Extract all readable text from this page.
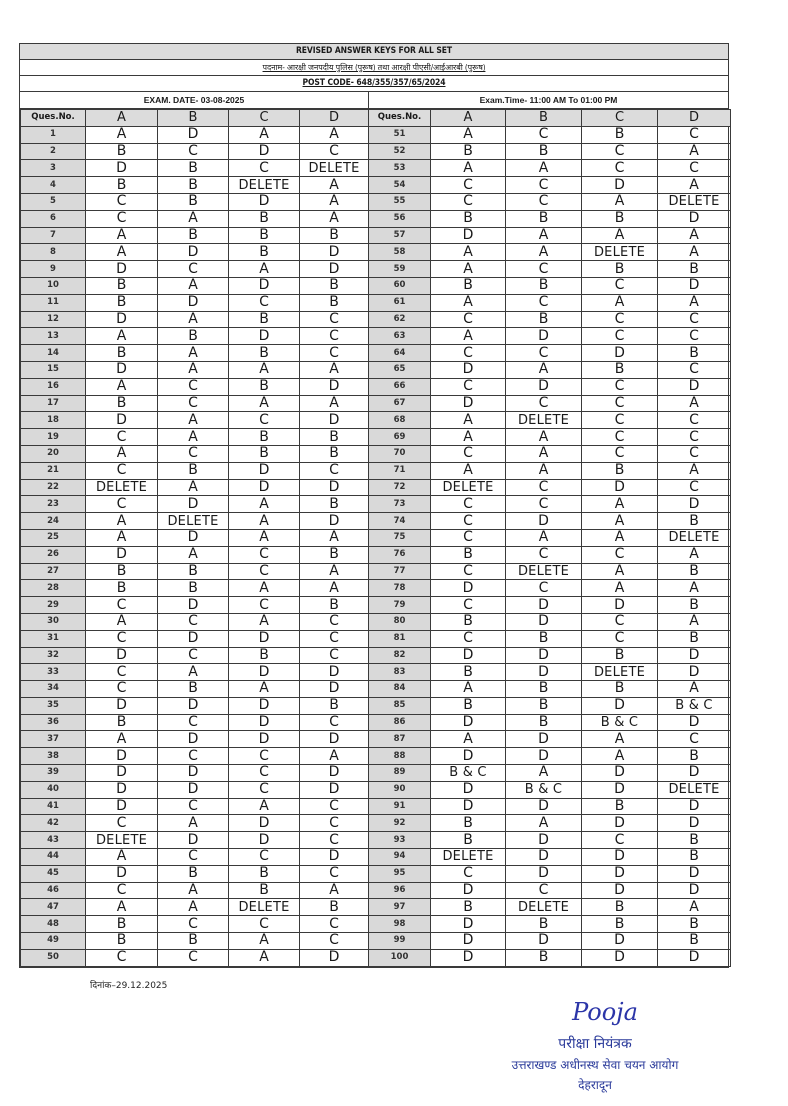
REVISED ANSWER KEYS FOR ALL SET
पदनाम- आरक्षी जनपदीय पुलिस (पुरूष) तथा आरक्षी पीएसी/आईआरबी (पुरूष)
POST CODE- 648/355/357/65/2024
EXAM. DATE- 03-08-2025	Exam.Time- 11:00 AM To 01:00 PM
Ques.No.	A	B	C	D	Ques.No.	A	B	C	D
1	A	D	A	A	51	A	C	B	C
2	B	C	D	C	52	B	B	C	A
3	D	B	C	DELETE	53	A	A	C	C
4	B	B	DELETE	A	54	C	C	D	A
5	C	B	D	A	55	C	C	A	DELETE
6	C	A	B	A	56	B	B	B	D
7	A	B	B	B	57	D	A	A	A
8	A	D	B	D	58	A	A	DELETE	A
9	D	C	A	D	59	A	C	B	B
10	B	A	D	B	60	B	B	C	D
11	B	D	C	B	61	A	C	A	A
12	D	A	B	C	62	C	B	C	C
13	A	B	D	C	63	A	D	C	C
14	B	A	B	C	64	C	C	D	B
15	D	A	A	A	65	D	A	B	C
16	A	C	B	D	66	C	D	C	D
17	B	C	A	A	67	D	C	C	A
18	D	A	C	D	68	A	DELETE	C	C
19	C	A	B	B	69	A	A	C	C
20	A	C	B	B	70	C	A	C	C
21	C	B	D	C	71	A	A	B	A
22	DELETE	A	D	D	72	DELETE	C	D	C
23	C	D	A	B	73	C	C	A	D
24	A	DELETE	A	D	74	C	D	A	B
25	A	D	A	A	75	C	A	A	DELETE
26	D	A	C	B	76	B	C	C	A
27	B	B	C	A	77	C	DELETE	A	B
28	B	B	A	A	78	D	C	A	A
29	C	D	C	B	79	C	D	D	B
30	A	C	A	C	80	B	D	C	A
31	C	D	D	C	81	C	B	C	B
32	D	C	B	C	82	D	D	B	D
33	C	A	D	D	83	B	D	DELETE	D
34	C	B	A	D	84	A	B	B	A
35	D	D	D	B	85	B	B	D	B & C
36	B	C	D	C	86	D	B	B & C	D
37	A	D	D	D	87	A	D	A	C
38	D	C	C	A	88	D	D	A	B
39	D	D	C	D	89	B & C	A	D	D
40	D	D	C	D	90	D	B & C	D	DELETE
41	D	C	A	C	91	D	D	B	D
42	C	A	D	C	92	B	A	D	D
43	DELETE	D	D	C	93	B	D	C	B
44	A	C	C	D	94	DELETE	D	D	B
45	D	B	B	C	95	C	D	D	D
46	C	A	B	A	96	D	C	D	D
47	A	A	DELETE	B	97	B	DELETE	B	A
48	B	C	C	C	98	D	B	B	B
49	B	B	A	C	99	D	D	D	B
50	C	C	A	D	100	D	B	D	D
दिनांक–29.12.2025
Pooja
परीक्षा नियंत्रक
उत्तराखण्ड अधीनस्थ सेवा चयन आयोग
देहरादून
